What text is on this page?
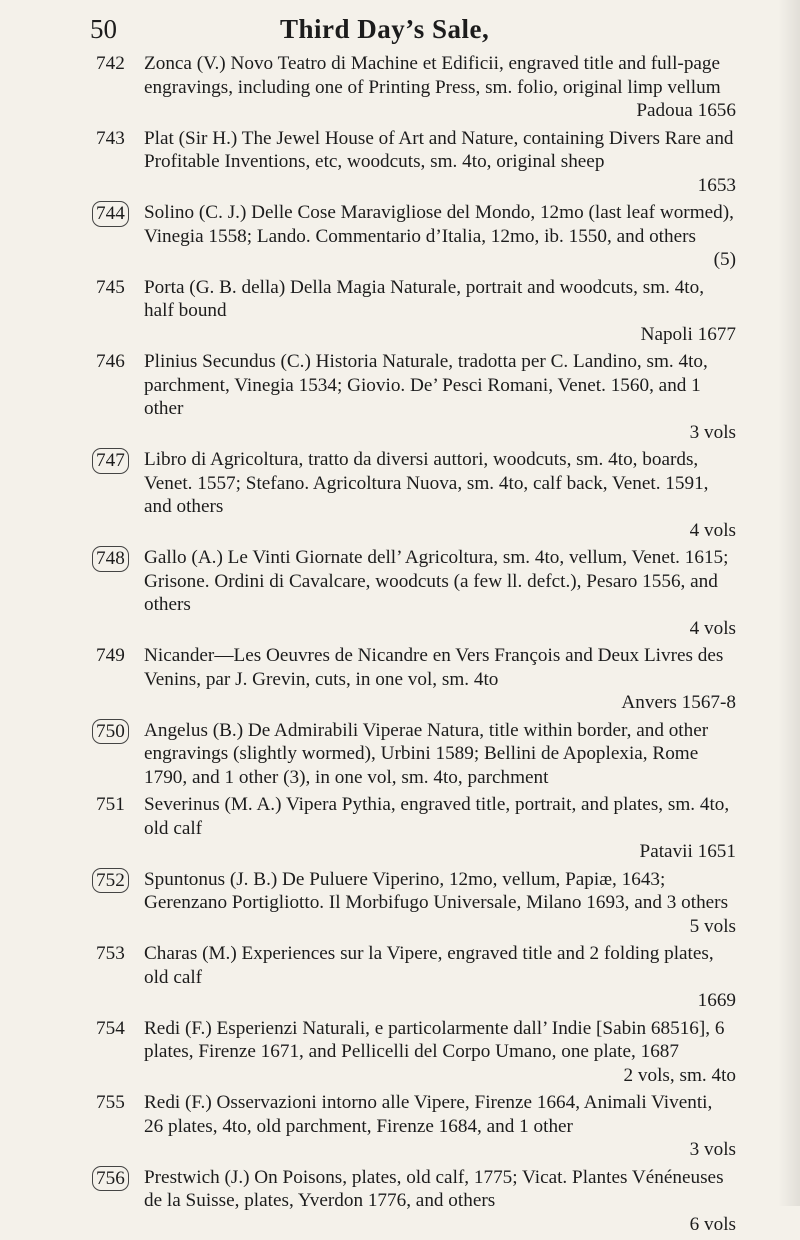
50	Third Day’s Sale,
742 Zonca (V.) Novo Teatro di Machine et Edificii, engraved title and full-page engravings, including one of Printing Press, sm. folio, original limp vellum
Padoua 1656
743 Plat (Sir H.) The Jewel House of Art and Nature, containing Divers Rare and Profitable Inventions, etc, woodcuts, sm. 4to, original sheep
1653
744 Solino (C. J.) Delle Cose Maravigliose del Mondo, 12mo (last leaf wormed), Vinegia 1558; Lando. Commentario d’Italia, 12mo, ib. 1550, and others
(5)
745 Porta (G. B. della) Della Magia Naturale, portrait and woodcuts, sm. 4to, half bound
Napoli 1677
746 Plinius Secundus (C.) Historia Naturale, tradotta per C. Landino, sm. 4to, parchment, Vinegia 1534; Giovio. De’ Pesci Romani, Venet. 1560, and 1 other
3 vols
747 Libro di Agricoltura, tratto da diversi auttori, woodcuts, sm. 4to, boards, Venet. 1557; Stefano. Agricoltura Nuova, sm. 4to, calf back, Venet. 1591, and others
4 vols
748 Gallo (A.) Le Vinti Giornate dell’ Agricoltura, sm. 4to, vellum, Venet. 1615; Grisone. Ordini di Cavalcare, woodcuts (a few ll. defct.), Pesaro 1556, and others
4 vols
749 Nicander—Les Oeuvres de Nicandre en Vers François and Deux Livres des Venins, par J. Grevin, cuts, in one vol, sm. 4to
Anvers 1567-8
750 Angelus (B.) De Admirabili Viperae Natura, title within border, and other engravings (slightly wormed), Urbini 1589; Bellini de Apoplexia, Rome 1790, and 1 other (3), in one vol, sm. 4to, parchment
751 Severinus (M. A.) Vipera Pythia, engraved title, portrait, and plates, sm. 4to, old calf
Patavii 1651
752 Spuntonus (J. B.) De Puluere Viperino, 12mo, vellum, Papiæ, 1643; Gerenzano Portigliotto. Il Morbifugo Universale, Milano 1693, and 3 others
5 vols
753 Charas (M.) Experiences sur la Vipere, engraved title and 2 folding plates, old calf
1669
754 Redi (F.) Esperienzi Naturali, e particolarmente dall’ Indie [Sabin 68516], 6 plates, Firenze 1671, and Pellicelli del Corpo Umano, one plate, 1687
2 vols, sm. 4to
755 Redi (F.) Osservazioni intorno alle Vipere, Firenze 1664, Animali Viventi, 26 plates, 4to, old parchment, Firenze 1684, and 1 other
3 vols
756 Prestwich (J.) On Poisons, plates, old calf, 1775; Vicat. Plantes Vénéneuses de la Suisse, plates, Yverdon 1776, and others
6 vols
